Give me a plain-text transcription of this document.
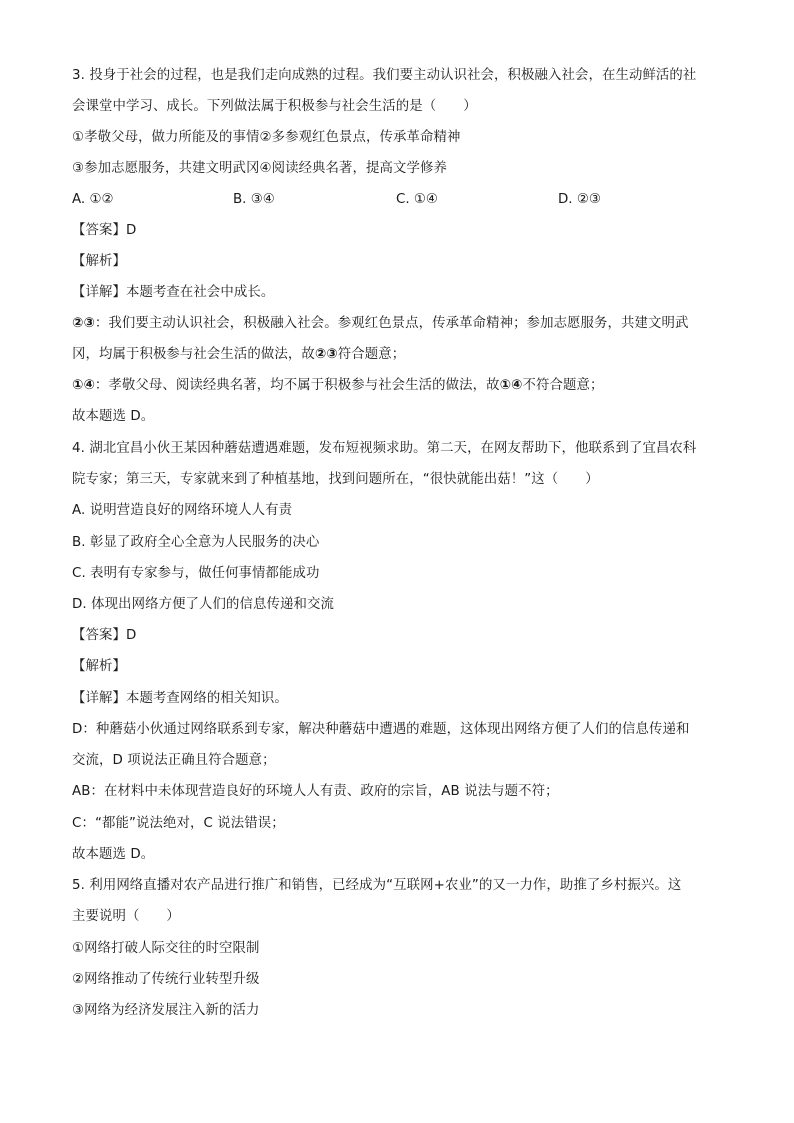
3. 投身于社会的过程，也是我们走向成熟的过程。我们要主动认识社会，积极融入社会，在生动鲜活的社
会课堂中学习、成长。下列做法属于积极参与社会生活的是（　　）
①孝敬父母，做力所能及的事情②多参观红色景点，传承革命精神
③参加志愿服务，共建文明武冈④阅读经典名著，提高文学修养
A. ①②	B. ③④	C. ①④	D. ②③
【答案】D
【解析】
【详解】本题考查在社会中成长。
②③：我们要主动认识社会，积极融入社会。参观红色景点，传承革命精神；参加志愿服务，共建文明武
冈，均属于积极参与社会生活的做法，故②③符合题意；
①④：孝敬父母、阅读经典名著，均不属于积极参与社会生活的做法，故①④不符合题意；
故本题选 D。
4. 湖北宜昌小伙王某因种蘑菇遭遇难题，发布短视频求助。第二天，在网友帮助下，他联系到了宜昌农科
院专家；第三天，专家就来到了种植基地，找到问题所在，“很快就能出菇！”这（　　）
A. 说明营造良好的网络环境人人有责
B. 彰显了政府全心全意为人民服务的决心
C. 表明有专家参与，做任何事情都能成功
D. 体现出网络方便了人们的信息传递和交流
【答案】D
【解析】
【详解】本题考查网络的相关知识。
D：种蘑菇小伙通过网络联系到专家，解决种蘑菇中遭遇的难题，这体现出网络方便了人们的信息传递和
交流，D 项说法正确且符合题意；
AB：在材料中未体现营造良好的环境人人有责、政府的宗旨，AB 说法与题不符；
C：“都能”说法绝对，C 说法错误；
故本题选 D。
5. 利用网络直播对农产品进行推广和销售，已经成为“互联网+农业”的又一力作，助推了乡村振兴。这
主要说明（　　）
①网络打破人际交往的时空限制
②网络推动了传统行业转型升级
③网络为经济发展注入新的活力
